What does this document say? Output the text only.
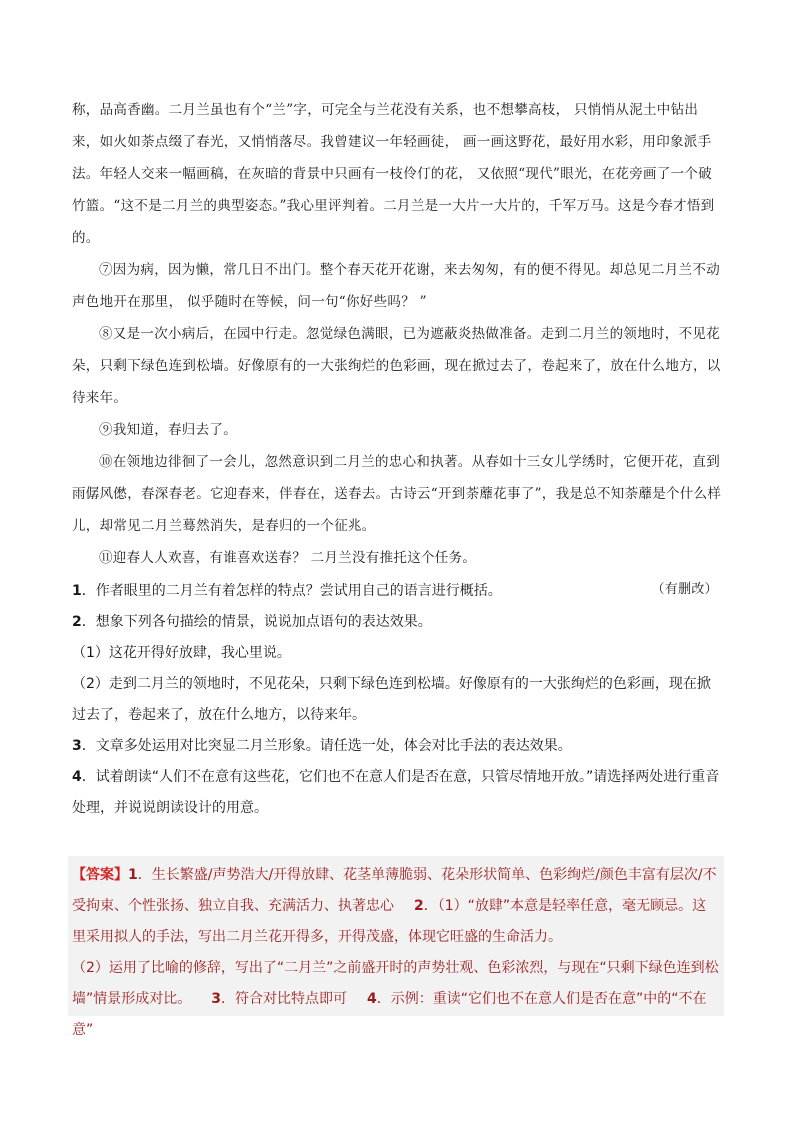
称，品高香幽。二月兰虽也有个“兰”字，可完全与兰花没有关系，也不想攀高枝， 只悄悄从泥土中钻出来，如火如荼点缀了春光，又悄悄落尽。我曾建议一年轻画徒， 画一画这野花，最好用水彩，用印象派手法。年轻人交来一幅画稿，在灰暗的背景中只画有一枝伶仃的花， 又依照“现代”眼光，在花旁画了一个破竹篮。“这不是二月兰的典型姿态。”我心里评判着。二月兰是一大片一大片的，千军万马。这是今春才悟到的。

⑦因为病，因为懒，常几日不出门。整个春天花开花谢，来去匆匆，有的便不得见。却总见二月兰不动声色地开在那里， 似乎随时在等候，问一句“你好些吗？ ”

⑧又是一次小病后，在园中行走。忽觉绿色满眼，已为遮蔽炎热做准备。走到二月兰的领地时，不见花朵，只剩下绿色连到松墙。好像原有的一大张绚烂的色彩画，现在掀过去了，卷起来了，放在什么地方，以待来年。

⑨我知道，春归去了。

⑩在领地边徘徊了一会儿，忽然意识到二月兰的忠心和执著。从春如十三女儿学绣时，它便开花，直到雨僝风僽，春深春老。它迎春来，伴春在，送春去。古诗云“开到荼蘼花事了”，我是总不知荼蘼是个什么样儿，却常见二月兰蓦然消失，是春归的一个征兆。

⑪迎春人人欢喜，有谁喜欢送春？ 二月兰没有推托这个任务。

（有删改）

1．作者眼里的二月兰有着怎样的特点？尝试用自己的语言进行概括。

2．想象下列各句描绘的情景，说说加点语句的表达效果。

（1）这花开得好放肆，我心里说。

（2）走到二月兰的领地时，不见花朵，只剩下绿色连到松墙。好像原有的一大张绚烂的色彩画，现在掀过去了，卷起来了，放在什么地方，以待来年。

3．文章多处运用对比突显二月兰形象。请任选一处，体会对比手法的表达效果。

4．试着朗读“人们不在意有这些花，它们也不在意人们是否在意，只管尽情地开放。”请选择两处进行重音处理，并说说朗读设计的用意。

【答案】1．生长繁盛/声势浩大/开得放肆、花茎单薄脆弱、花朵形状简单、色彩绚烂/颜色丰富有层次/不受拘束、个性张扬、独立自我、充满活力、执著忠心 2．（1）“放肆”本意是轻率任意，毫无顾忌。这里采用拟人的手法，写出二月兰花开得多，开得茂盛，体现它旺盛的生命活力。
（2）运用了比喻的修辞，写出了“二月兰”之前盛开时的声势壮观、色彩浓烈，与现在“只剩下绿色连到松墙”情景形成对比。 3．符合对比特点即可 4．示例：重读“它们也不在意人们是否在意”中的“不在意”
